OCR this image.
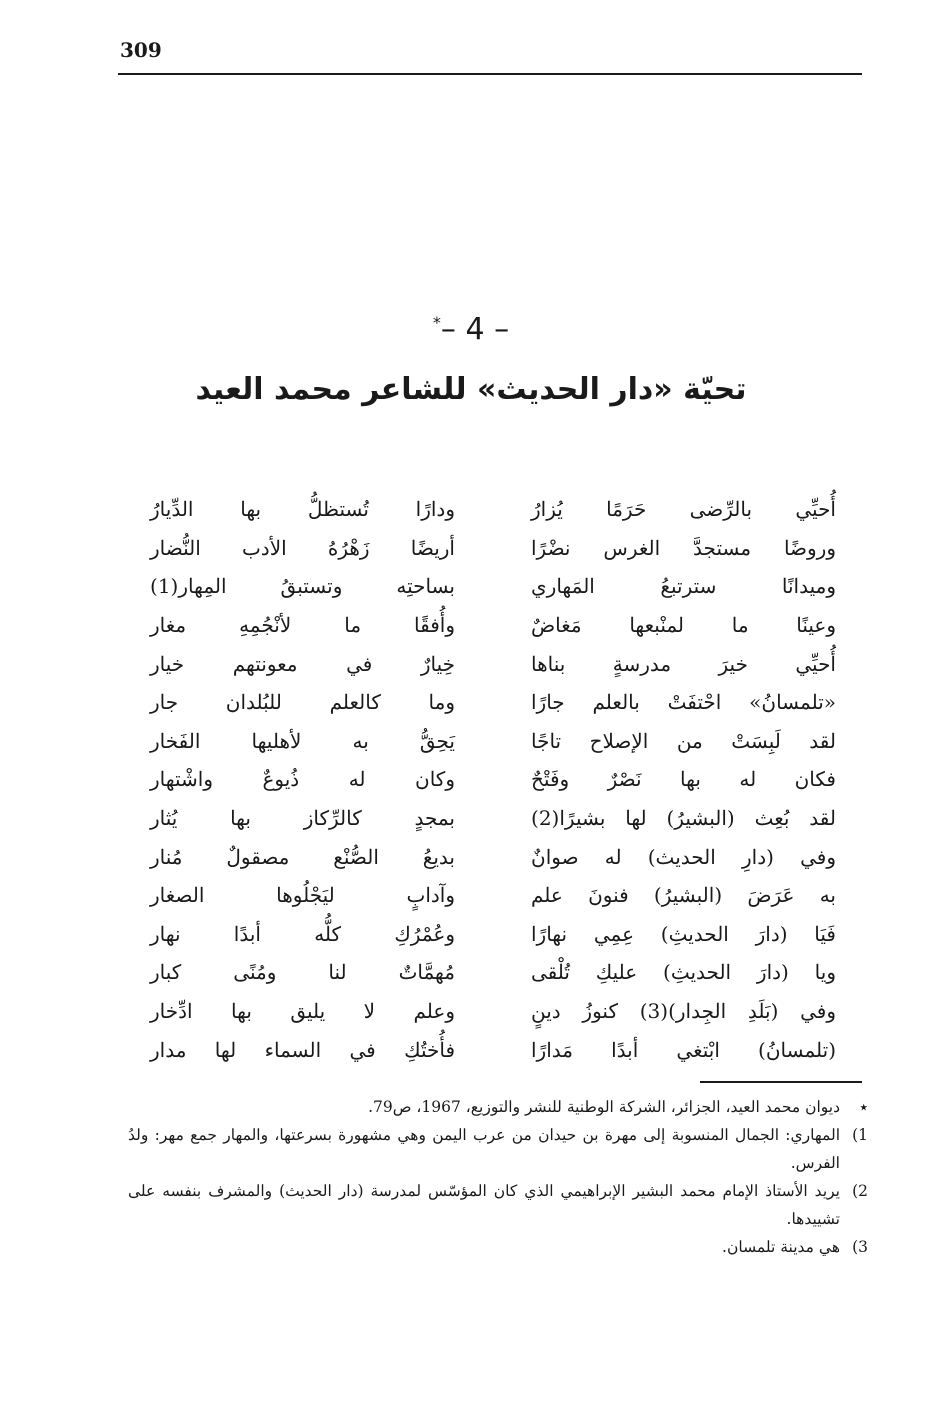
309
*– 4 –
تحيّة «دار الحديث» للشاعر محمد العيد
أُحيِّي بالرِّضى حَرَمًا يُزارُ
ودارًا تُستظلُّ بها الدِّيارُ
وروضًا مستجدَّ الغرس نضْرًا
أريضًا زَهْرُهُ الأدب النُّضار
وميدانًا سترتبعُ المَهاري
بساحتِه وتستبقُ المِهار(1)
وعينًا ما لمنْبعها مَغاضٌ
وأُفقًا ما لأنْجُمِهِ مغار
أُحيِّي خيرَ مدرسةٍ بناها
خِيارٌ في معونتهم خيار
«تلمسانُ» احْتفَتْ بالعلم جارًا
وما كالعلم للبُلدان جار
لقد لَبِسَتْ من الإصلاح تاجًا
يَحِقُّ به لأهليها الفَخار
فكان له بها نَصْرٌ وفَتْحٌ
وكان له ذُيوعٌ واشْتهار
لقد بُعِث (البشيرُ) لها بشيرًا(2)
بمجدٍ كالرِّكاز بها يُثار
وفي (دارِ الحديث) له صوانٌ
بديعُ الصُّنْع مصقولٌ مُنار
به عَرَضَ (البشيرُ) فنونَ علم
وآدابٍ ليَجْلُوها الصغار
فَيَا (دارَ الحديثِ) عِمِي نهارًا
وعُمْرُكِ كلُّه أبدًا نهار
ويا (دارَ الحديثِ) عليكِ تُلْقى
مُهمَّاتٌ لنا ومُنًى كبار
وفي (بَلَدِ الجِدار)(3) كنوزُ دينٍ
وعلم لا يليق بها ادِّخار
(تلمسانُ) ابْتغي أبدًا مَدارًا
فأُختُكِ في السماء لها مدار
٭
ديوان محمد العيد، الجزائر، الشركة الوطنية للنشر والتوزيع، 1967، ص79.
(1
المهاري: الجمال المنسوبة إلى مهرة بن حيدان من عرب اليمن وهي مشهورة بسرعتها، والمهار جمع مهر: ولدُ الفرس.
(2
يريد الأستاذ الإمام محمد البشير الإبراهيمي الذي كان المؤسّس لمدرسة (دار الحديث) والمشرف بنفسه على تشييدها.
(3
هي مدينة تلمسان.
